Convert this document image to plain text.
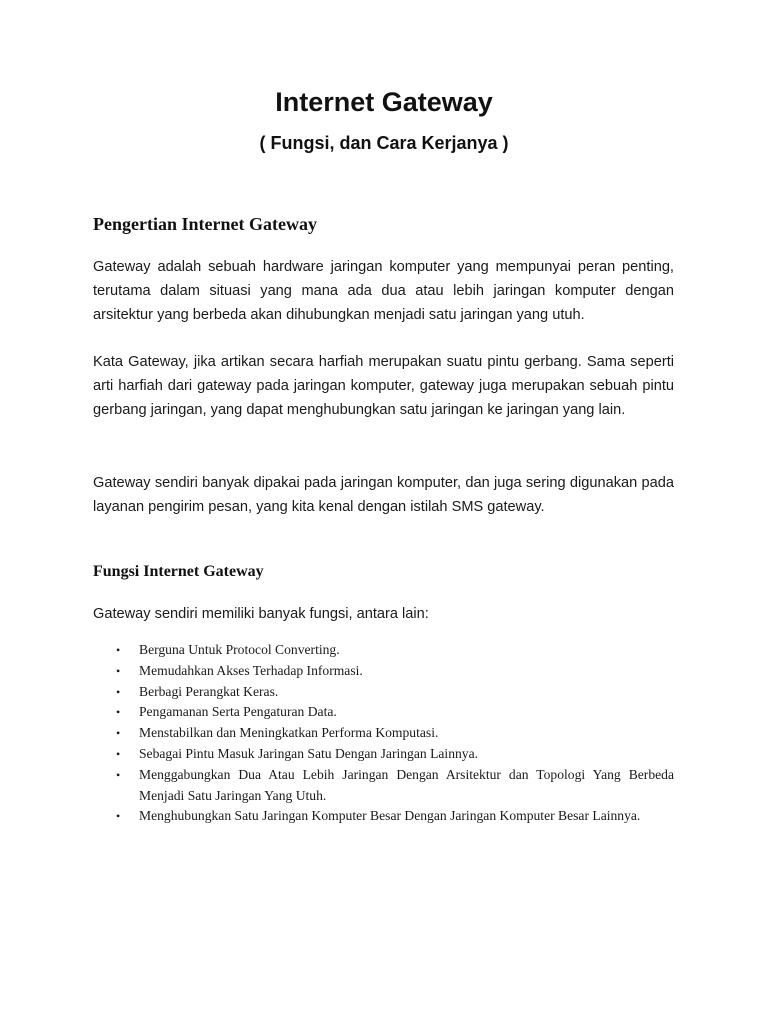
Internet Gateway
( Fungsi, dan Cara Kerjanya )
Pengertian Internet Gateway

Gateway adalah sebuah hardware jaringan komputer yang mempunyai peran penting, terutama dalam situasi yang mana ada dua atau lebih jaringan komputer dengan arsitektur yang berbeda akan dihubungkan menjadi satu jaringan yang utuh.

Kata Gateway, jika artikan secara harfiah merupakan suatu pintu gerbang. Sama seperti arti harfiah dari gateway pada jaringan komputer, gateway juga merupakan sebuah pintu gerbang jaringan, yang dapat menghubungkan satu jaringan ke jaringan yang lain.

Gateway sendiri banyak dipakai pada jaringan komputer, dan juga sering digunakan pada layanan pengirim pesan, yang kita kenal dengan istilah SMS gateway.

Fungsi Internet Gateway

Gateway sendiri memiliki banyak fungsi, antara lain:

• Berguna Untuk Protocol Converting.
• Memudahkan Akses Terhadap Informasi.
• Berbagi Perangkat Keras.
• Pengamanan Serta Pengaturan Data.
• Menstabilkan dan Meningkatkan Performa Komputasi.
• Sebagai Pintu Masuk Jaringan Satu Dengan Jaringan Lainnya.
• Menggabungkan Dua Atau Lebih Jaringan Dengan Arsitektur dan Topologi Yang Berbeda Menjadi Satu Jaringan Yang Utuh.
• Menghubungkan Satu Jaringan Komputer Besar Dengan Jaringan Komputer Besar Lainnya.
